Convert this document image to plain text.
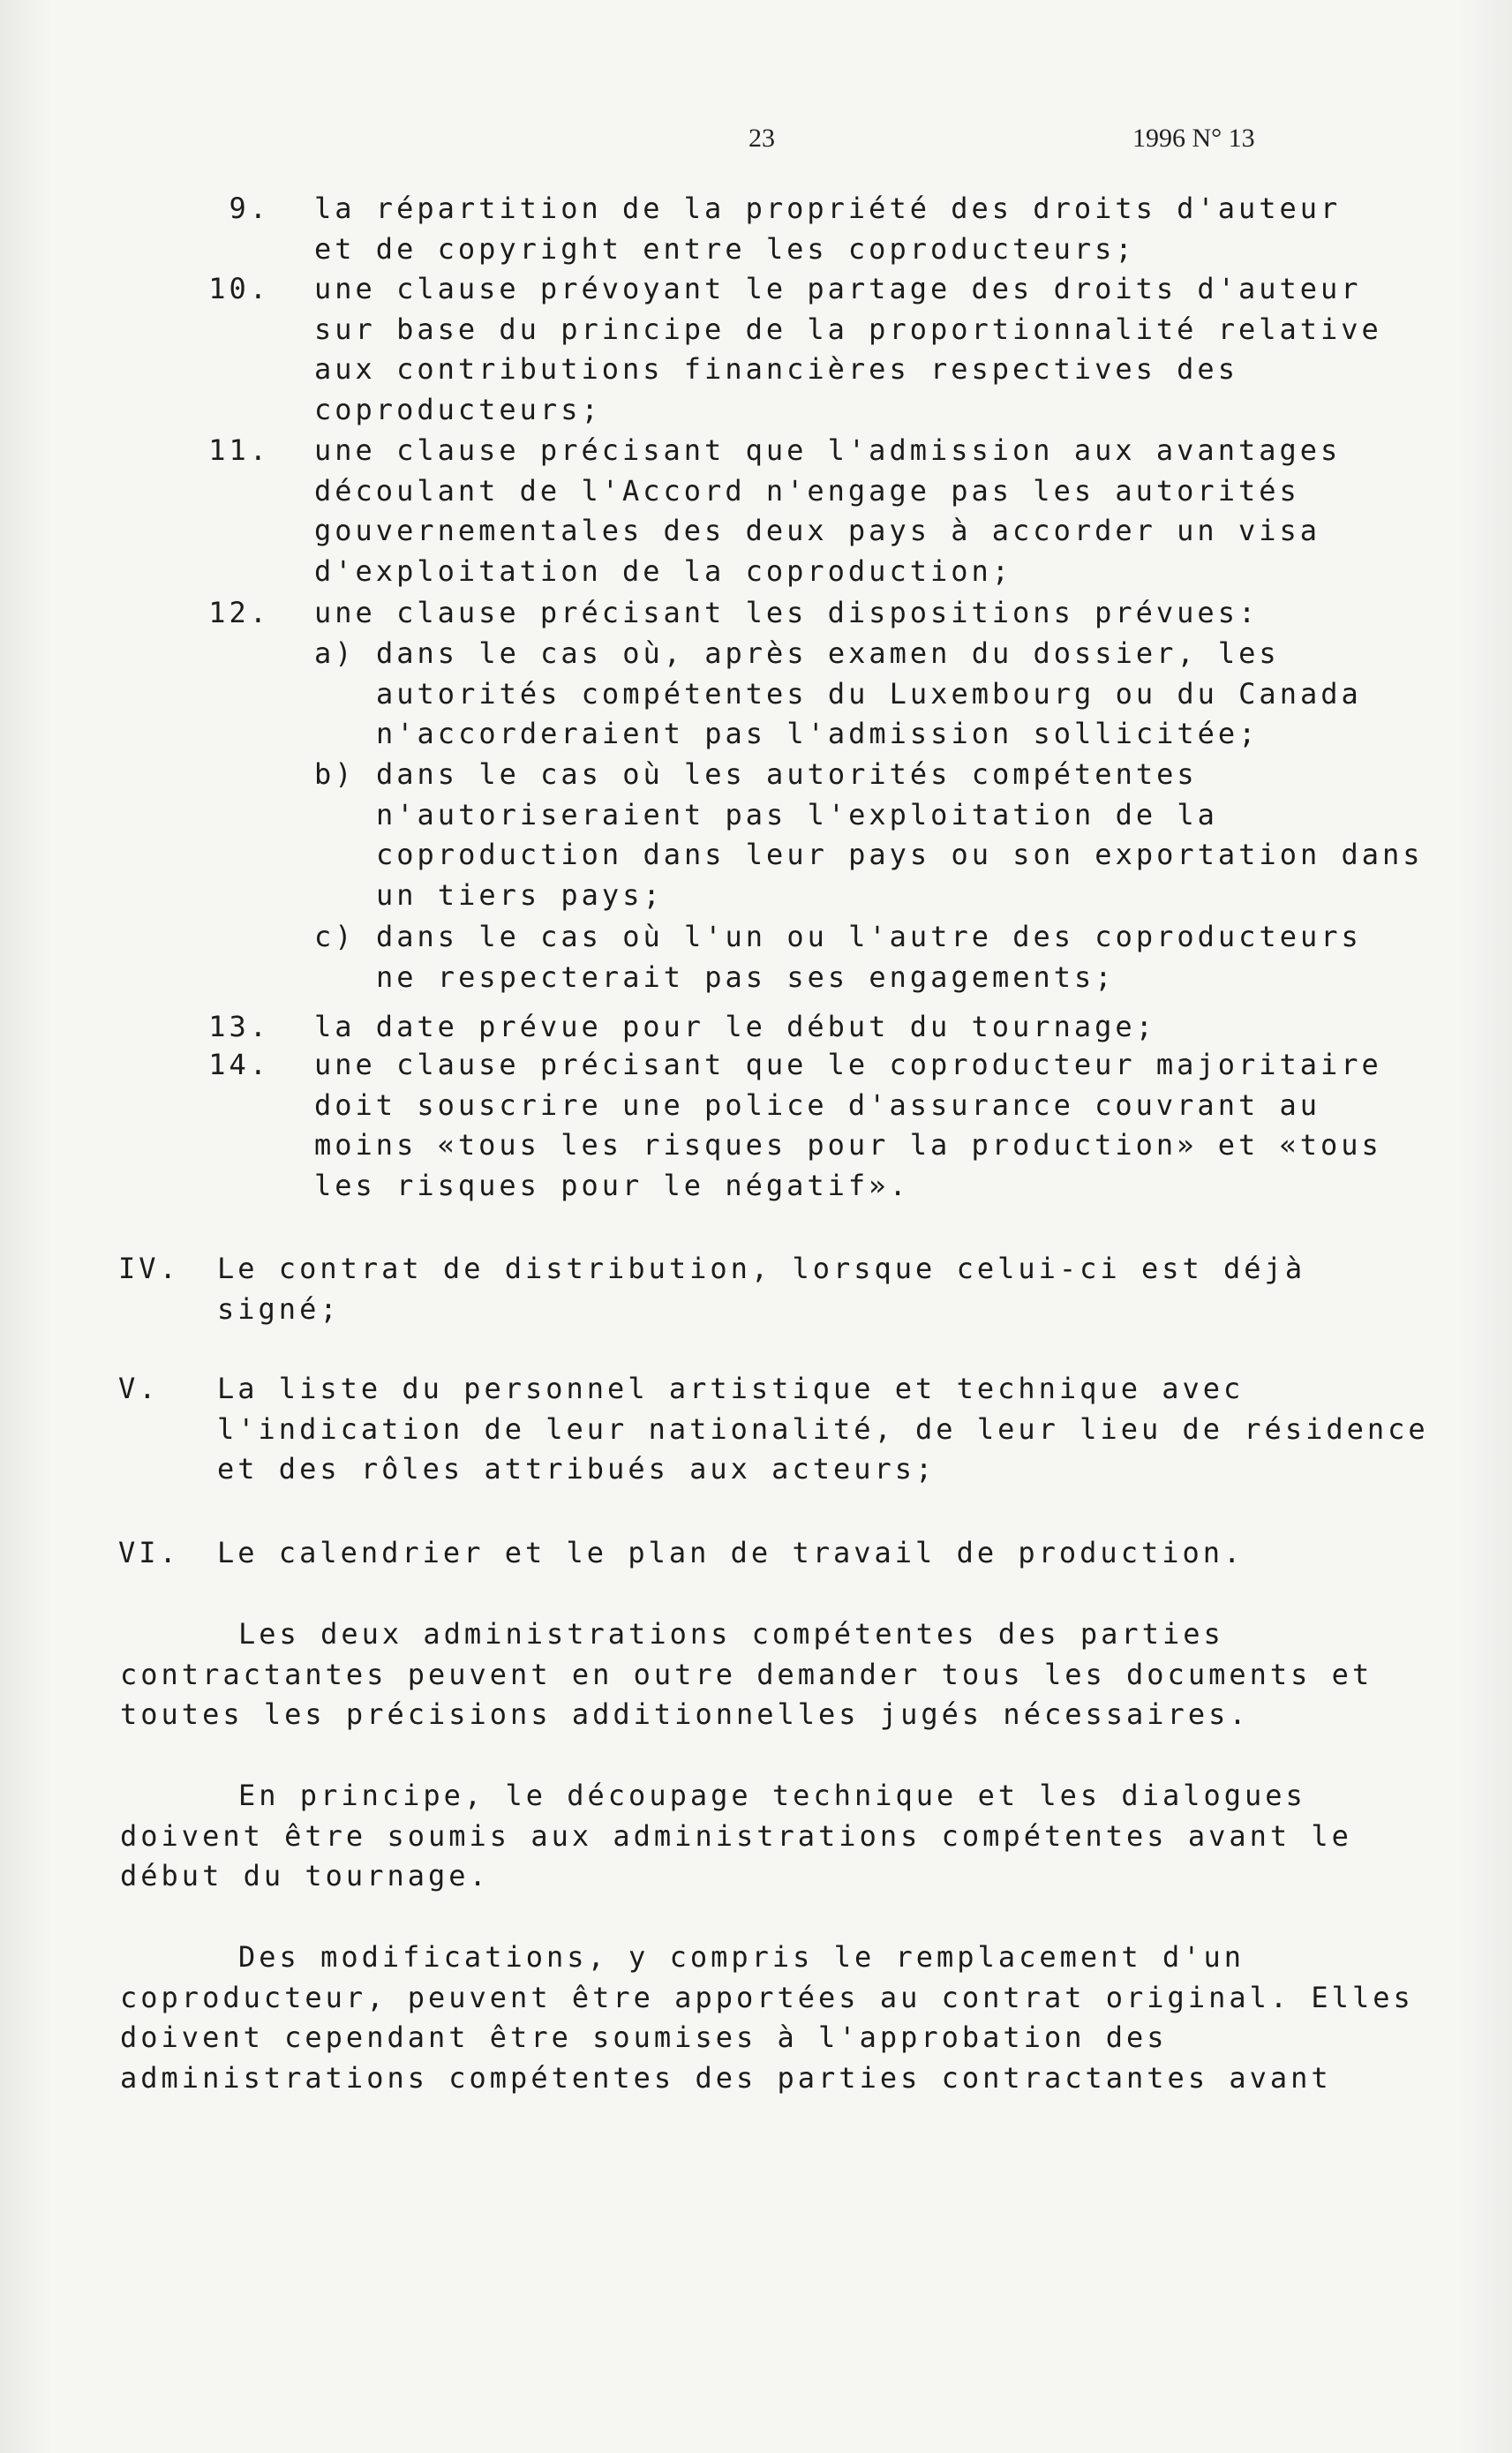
23	1996 N° 13
9. la répartition de la propriété des droits d'auteur
et de copyright entre les coproducteurs;
10. une clause prévoyant le partage des droits d'auteur
sur base du principe de la proportionnalité relative
aux contributions financières respectives des
coproducteurs;
11. une clause précisant que l'admission aux avantages
découlant de l'Accord n'engage pas les autorités
gouvernementales des deux pays à accorder un visa
d'exploitation de la coproduction;
12. une clause précisant les dispositions prévues:
a) dans le cas où, après examen du dossier, les
autorités compétentes du Luxembourg ou du Canada
n'accorderaient pas l'admission sollicitée;
b) dans le cas où les autorités compétentes
n'autoriseraient pas l'exploitation de la
coproduction dans leur pays ou son exportation dans
un tiers pays;
c) dans le cas où l'un ou l'autre des coproducteurs
ne respecterait pas ses engagements;
13. la date prévue pour le début du tournage;
14. une clause précisant que le coproducteur majoritaire
doit souscrire une police d'assurance couvrant au
moins «tous les risques pour la production» et «tous
les risques pour le négatif».
IV. Le contrat de distribution, lorsque celui-ci est déjà
signé;
V.	La liste du personnel artistique et technique avec
l'indication de leur nationalité, de leur lieu de résidence
et des rôles attribués aux acteurs;
VI. Le calendrier et le plan de travail de production.
Les deux administrations compétentes des parties
contractantes peuvent en outre demander tous les documents et
toutes les précisions additionnelles jugés nécessaires.
En principe, le découpage technique et les dialogues
doivent être soumis aux administrations compétentes avant le
début du tournage.
Des modifications, y compris le remplacement d'un
coproducteur, peuvent être apportées au contrat original. Elles
doivent cependant être soumises à l'approbation des
administrations compétentes des parties contractantes avant
